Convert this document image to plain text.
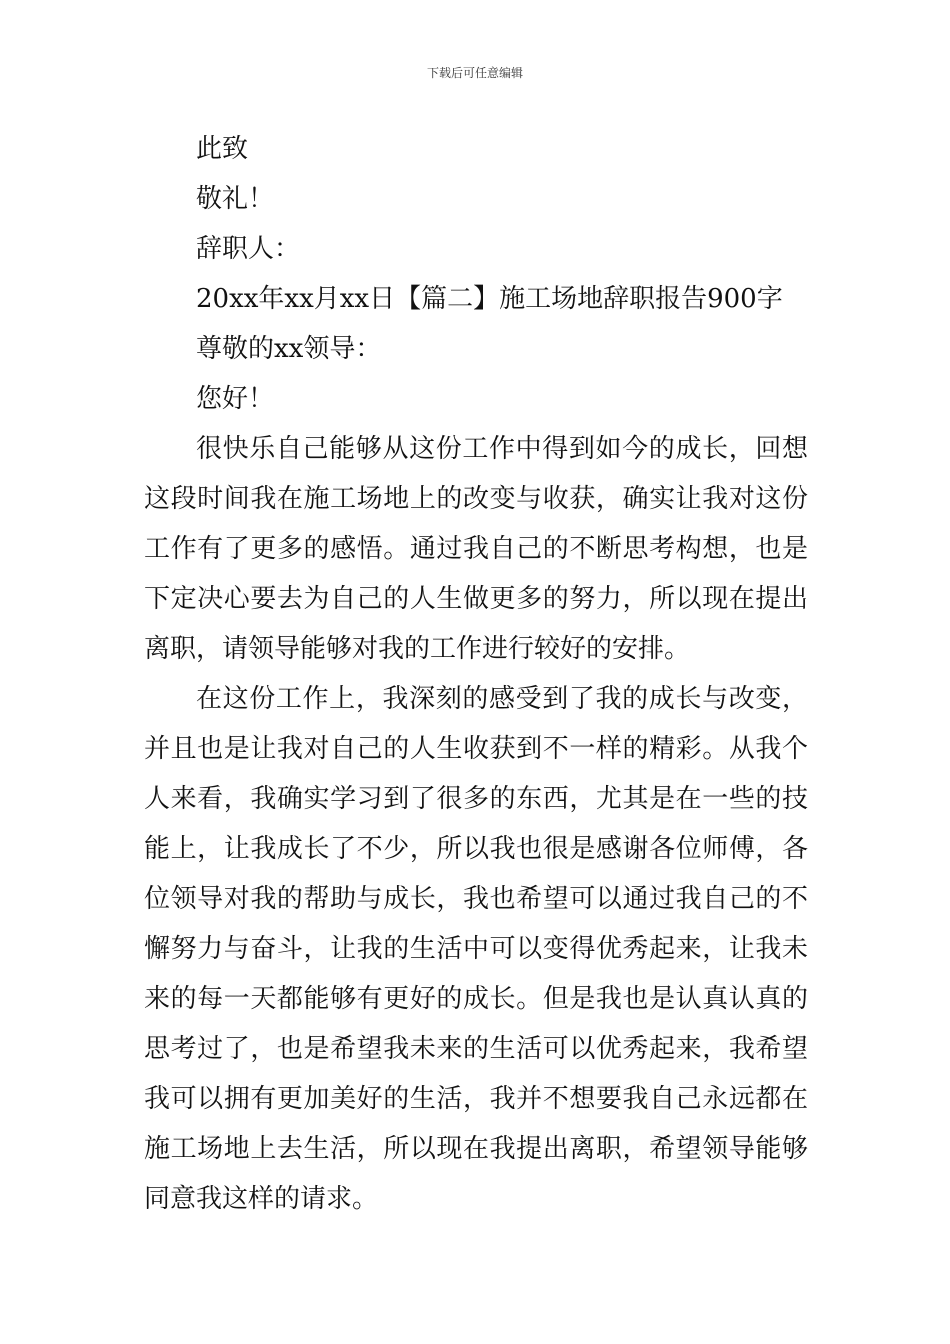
下载后可任意编辑

此致

敬礼！

辞职人：

20xx年xx月xx日【篇二】施工场地辞职报告900字

尊敬的xx领导：

您好！

很快乐自己能够从这份工作中得到如今的成长，回想这段时间我在施工场地上的改变与收获，确实让我对这份工作有了更多的感悟。通过我自己的不断思考构想，也是下定决心要去为自己的人生做更多的努力，所以现在提出离职，请领导能够对我的工作进行较好的安排。

在这份工作上，我深刻的感受到了我的成长与改变，并且也是让我对自己的人生收获到不一样的精彩。从我个人来看，我确实学习到了很多的东西，尤其是在一些的技能上，让我成长了不少，所以我也很是感谢各位师傅，各位领导对我的帮助与成长，我也希望可以通过我自己的不懈努力与奋斗，让我的生活中可以变得优秀起来，让我未来的每一天都能够有更好的成长。但是我也是认真认真的思考过了，也是希望我未来的生活可以优秀起来，我希望我可以拥有更加美好的生活，我并不想要我自己永远都在施工场地上去生活，所以现在我提出离职，希望领导能够同意我这样的请求。
